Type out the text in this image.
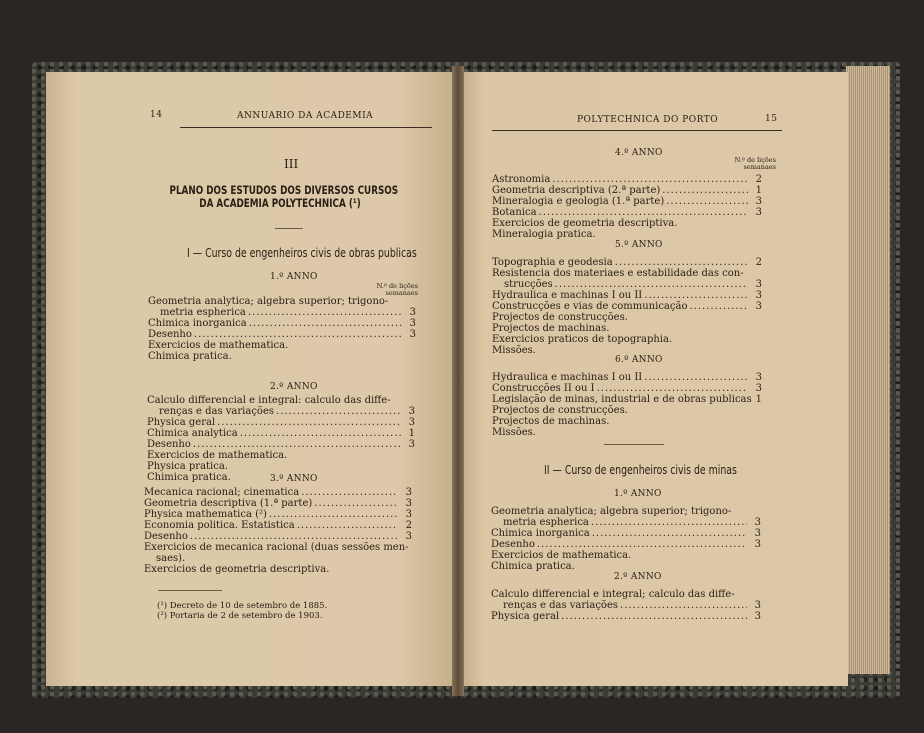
14	ANNUARIO DA ACADEMIA
III
PLANO DOS ESTUDOS DOS DIVERSOS CURSOS
DA ACADEMIA POLYTECHNICA (¹)
I — Curso de engenheiros civis de obras publicas
(¹) Decreto de 10 de setembro de 1885.
(²) Portaria de 2 de setembro de 1903.
POLYTECHNICA DO PORTO	15
II — Curso de engenheiros civis de minas
N.º de lições
semanaes
1.º ANNO
Geometria analytica; algebra superior; trigono-
metria espherica .....	3
Chimica inorganica .....	3
Desenho .....	3
Exercicios de mathematica.
Chimica pratica.
2.º ANNO
Calculo differencial e integral: calculo das diffe-
renças e das variações .....	3
Physica geral .....	3
Chimica analytica .....	1
Desenho .....	3
Exercicios de mathematica.
Physica pratica.
Chimica pratica.	3.º ANNO
Mecanica racional; cinematica .....	3
Geometria descriptiva (1.ª parte) .....	3
Physica mathematica (²) .....	3
Economia politica. Estatistica .....	2
Desenho .....	3
Exercicios de mecanica racional (duas sessões men-
saes).
Exercicios de geometria descriptiva.
N.º de lições
semanaes
4.º ANNO
Astronomia .....	2
Geometria descriptiva (2.ª parte) .....	1
Mineralogia e geologia (1.ª parte) .....	3
Botanica .....	3
Exercicios de geometria descriptiva.
Mineralogia pratica.
5.º ANNO
Topographia e geodesia .....	2
Resistencia dos materiaes e estabilidade das con-
strucções .....	3
Hydraulica e machinas I ou II .....	3
Construcções e vias de communicação .....	3
Projectos de construcções.
Projectos de machinas.
Exercicios praticos de topographia.
Missões.
6.º ANNO
Hydraulica e machinas I ou II .....	3
Construcções II ou I .....	3
Legislação de minas, industrial e de obras publicas 1
Projectos de construcções.
Projectos de machinas.
Missões.
1.º ANNO
Geometria analytica; algebra superior; trigono-
metria espherica .....	3
Chimica inorganica .....	3
Desenho .....	3
Exercicios de mathematica.
Chimica pratica.
2.º ANNO
Calculo differencial e integral; calculo das diffe-
renças e das variações .....	3
Physica geral .....	3
